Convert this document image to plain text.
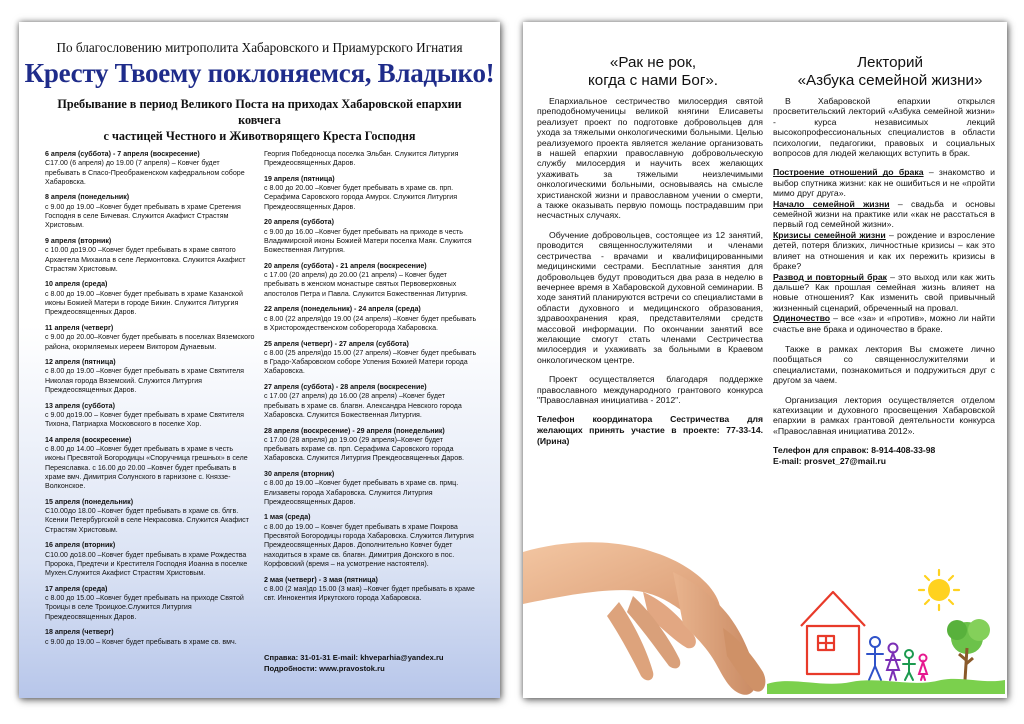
По благословению митрополита Хабаровского и Приамурского Игнатия
Кресту Твоему поклоняемся, Владыко!
Пребывание в период Великого Поста на приходах Хабаровской епархии ковчега
с частицей Честного и Животворящего Креста Господня
6 апреля (суббота) - 7 апреля (воскресение)
С17.00 (6 апреля) до 19.00 (7 апреля) – Ковчег будет пребывать в Спасо-Преображенском кафедральном соборе Хабаровска.
8 апреля (понедельник)
с 9.00 до 19.00 –Ковчег будет пребывать в храме Сретения Господня в селе Бичевая. Служится Акафист Страстям Христовым.
9 апреля (вторник)
с 10.00 до19.00 –Ковчег будет пребывать в храме святого Архангела Михаила в селе Лермонтовка. Служится Акафист Страстям Христовым.
10 апреля (среда)
с 8.00 до 19.00 –Ковчег будет пребывать в храме Казанской иконы Божией Матери в городе Бикин. Служится Литургия Преждеосвященных Даров.
11 апреля (четверг)
с 9.00 до 20.00–Ковчег будет пребывать в поселках Вяземского района, окормляемых иереем Виктором Дунаевым.
12 апреля (пятница)
с 8.00 до 19.00 –Ковчег будет пребывать в храме Святителя Николая города Вяземский. Служится Литургия Преждеосвященных Даров.
13 апреля (суббота)
с 9.00 до19.00 – Ковчег будет пребывать в храме Святителя Тихона, Патриарха Московского в поселке Хор.
14 апреля (воскресение)
с 8.00 до 14.00 –Ковчег будет пребывать в храме в честь иконы Пресвятой Богородицы «Споручница грешных» в селе Переяславка. с 16.00 до 20.00 –Ковчег будет пребывать в храме вмч. Димитрия Солунского в гарнизоне с. Княззе-Волконское.
15 апреля (понедельник)
С10.00до 18.00 –Ковчег будет пребывать в храме св. блгв. Ксении Петербургской в селе Некрасовка. Служится Акафист Страстям Христовым.
16 апреля (вторник)
С10.00 до18.00 –Ковчег будет пребывать в храме Рождества Пророка, Предтечи и Крестителя Господня Иоанна в поселке Мухен.Служится Акафист Страстям Христовым.
17 апреля (среда)
с 8.00 до 15.00 –Ковчег будет пребывать на приходе Святой Троицы в селе Троицкое.Служится Литургия Преждеосвященных Даров.
18 апреля (четверг)
с 9.00 до 19.00 – Ковчег будет пребывать в храме св. вмч.
Георгия Победоносца поселка Эльбан. Служится Литургия Преждеосвященных Даров.
19 апреля (пятница)
с 8.00 до 20.00 –Ковчег будет пребывать в храме св. прп. Серафима Саровского города Амурск. Служится Литургия Преждеосвященных Даров.
20 апреля (суббота)
с 9.00 до 16.00 –Ковчег будет пребывать на приходе в честь Владимирской иконы Божией Матери поселка Маяк. Служится Божественная Литургия.
20 апреля (суббота) - 21 апреля (воскресение)
с 17.00 (20 апреля) до 20.00 (21 апреля) – Ковчег будет пребывать в женском монастыре святых Первоверховных апостолов Петра и Павла. Служится Божественная Литургия.
22 апреля (понедельник) - 24 апреля (среда)
с 8.00 (22 апреля)до 19.00 (24 апреля) –Ковчег будет пребывать в Христорождественском соборегорода Хабаровска.
25 апреля (четверг) - 27 апреля (суббота)
с 8.00 (25 апреля)до 15.00 (27 апреля) –Ковчег будет пребывать в Градо-Хабаровском соборе Успения Божией Матери города Хабаровска.
27 апреля (суббота) - 28 апреля (воскресение)
с 17.00 (27 апреля) до 16.00 (28 апреля) –Ковчег будет пребывать в храме св. благвн. Александра Невского города Хабаровска. Служится Божественная Литургия.
28 апреля (воскресение) - 29 апреля (понедельник)
с 17.00 (28 апреля) до 19.00 (29 апреля)–Ковчег будет пребывать вхраме св. прп. Серафима Саровского города Хабаровска. Служится Литургия Преждеосвященных Даров.
30 апреля (вторник)
с 8.00 до 19.00 –Ковчег будет пребывать в храме св. прмц. Елизаветы города Хабаровска. Служится Литургия Преждеосвященных Даров.
1 мая (среда)
с 8.00 до 19.00 – Ковчег будет пребывать в храме Покрова Пресвятой Богородицы города Хабаровска. Служится Литургия Преждеосвященных Даров. Дополнительно Ковчег будет находиться в храме св. благвн. Димитрия Донского в пос. Корфовский (время – на усмотрение настоятеля).
2 мая (четверг) - 3 мая (пятница)
с 8.00 (2 мая)до 15.00 (3 мая) –Ковчег будет пребывать в храме свт. Иннокентия Иркутского города Хабаровска.
Справка: 31-01-31 E-mail: khveparhia@yandex.ru
Подробности: www.pravostok.ru
«Рак не рок,
когда с нами Бог».
Лекторий
«Азбука семейной жизни»

Епархиальное сестричество милосердия святой преподобномученицы великой княгини Елисаветы реализует проект по подготовке добровольцев для ухода за тяжелыми онкологическими больными. Целью реализуемого проекта является желание организовать в нашей епархии православную добровольческую службу милосердия и научить всех желающих ухаживать за тяжелыми неизлечимыми онкологическими больными, основываясь на смысле христианской жизни и православном учении о смерти, а также оказывать первую помощь пострадавшим при несчастных случаях.

Обучение добровольцев, состоящее из 12 занятий, проводится священнослужителями и членами сестричества - врачами и квалифицированными медицинскими сестрами. Бесплатные занятия для добровольцев будут проводиться два раза в неделю в вечернее время в Хабаровской духовной семинарии. В ходе занятий планируются встречи со специалистами в области духовного и медицинского образования, здравоохранения края, представителями средств массовой информации. По окончании занятий все желающие смогут стать членами Сестричества милосердия и ухаживать за больными в Краевом онкологическом центре.

Проект осуществляется благодаря поддержке православного международного грантового конкурса "Православная инициатива - 2012".

Телефон координатора Сестричества для желающих принять участие в проекте: 77-33-14. (Ирина)

В Хабаровской епархии открылся просветительский лекторий «Азбука семейной жизни» - курса независимых лекций высокопрофессиональных специалистов в области психологии, педагогики, правовых и социальных вопросов для людей желающих вступить в брак.

Построение отношений до брака – знакомство и выбор спутника жизни: как не ошибиться и не «пройти мимо друг друга».
Начало семейной жизни – свадьба и основы семейной жизни на практике или «как не расстаться в первый год семейной жизни».
Кризисы семейной жизни – рождение и взросление детей, потеря близких, личностные кризисы – как это влияет на отношения и как их пережить кризисы в браке?
Развод и повторный брак – это выход или как жить дальше? Как прошлая семейная жизнь влияет на новые отношения? Как изменить свой привычный жизненный сценарий, обреченный на провал.
Одиночество – все «за» и «против», можно ли найти счастье вне брака и одиночество в браке.

Также в рамках лектория Вы сможете лично пообщаться со священнослужителями и специалистами, познакомиться и подружиться друг с другом за чаем.

Организация лектория осуществляется отделом катехизации и духовного просвещения Хабаровской епархии в рамках грантовой деятельности конкурса «Православная инициатива 2012».

Телефон для справок: 8-914-408-33-98
E-mail: prosvet_27@mail.ru
